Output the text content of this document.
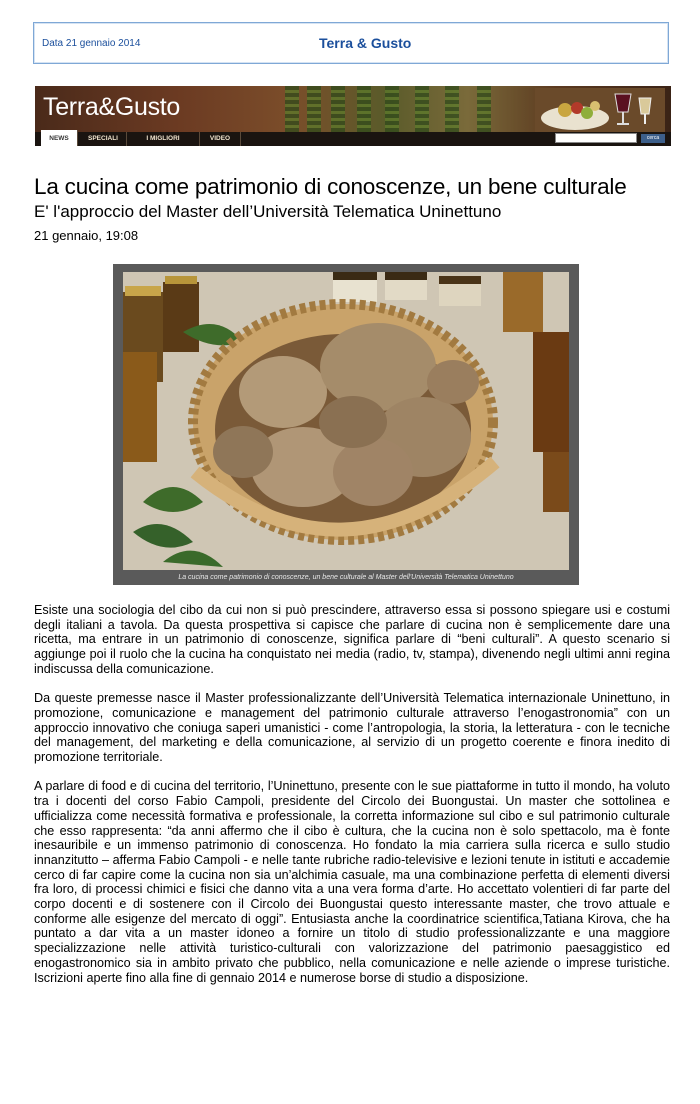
Data 21 gennaio 2014	Terra & Gusto
Terra&Gusto
NEWS	SPECIALI	I MIGLIORI	VIDEO	cerca
La cucina come patrimonio di conoscenze, un bene culturale
E' l'approccio del Master dell’Università Telematica Uninettuno
21 gennaio, 19:08
La cucina come patrimonio di conoscenze, un bene culturale al Master dell'Università Telematica Uninettuno

Esiste una sociologia del cibo da cui non si può prescindere, attraverso essa si possono spiegare usi e costumi degli italiani a tavola. Da questa prospettiva si capisce che parlare di cucina non è semplicemente dare una ricetta, ma entrare in un patrimonio di conoscenze, significa parlare di “beni culturali”. A questo scenario si aggiunge poi il ruolo che la cucina ha conquistato nei media (radio, tv, stampa), divenendo negli ultimi anni regina indiscussa della comunicazione.

Da queste premesse nasce il Master professionalizzante dell’Università Telematica internazionale Uninettuno, in promozione, comunicazione e management del patrimonio culturale attraverso l’enogastronomia” con un approccio innovativo che coniuga saperi umanistici - come l’antropologia, la storia, la letteratura - con le tecniche del management, del marketing e della comunicazione, al servizio di un progetto coerente e finora inedito di promozione territoriale.

A parlare di food e di cucina del territorio, l’Uninettuno, presente con le sue piattaforme in tutto il mondo, ha voluto tra i docenti del corso Fabio Campoli, presidente del Circolo dei Buongustai. Un master che sottolinea e ufficializza come necessità formativa e professionale, la corretta informazione sul cibo e sul patrimonio culturale che esso rappresenta: “da anni affermo che il cibo è cultura, che la cucina non è solo spettacolo, ma è fonte inesauribile e un immenso patrimonio di conoscenza. Ho fondato la mia carriera sulla ricerca e sullo studio innanzitutto – afferma Fabio Campoli - e nelle tante rubriche radio-televisive e lezioni tenute in istituti e accademie cerco di far capire come la cucina non sia un’alchimia casuale, ma una combinazione perfetta di elementi diversi fra loro, di processi chimici e fisici che danno vita a una vera forma d’arte. Ho accettato volentieri di far parte del corpo docenti e di sostenere con il Circolo dei Buongustai questo interessante master, che trovo attuale e conforme alle esigenze del mercato di oggi”. Entusiasta anche la coordinatrice scientifica,Tatiana Kirova, che ha puntato a dar vita a un master idoneo a fornire un titolo di studio professionalizzante e una maggiore specializzazione nelle attività turistico-culturali con valorizzazione del patrimonio paesaggistico ed enogastronomico sia in ambito privato che pubblico, nella comunicazione e nelle aziende o imprese turistiche. Iscrizioni aperte fino alla fine di gennaio 2014 e numerose borse di studio a disposizione.
